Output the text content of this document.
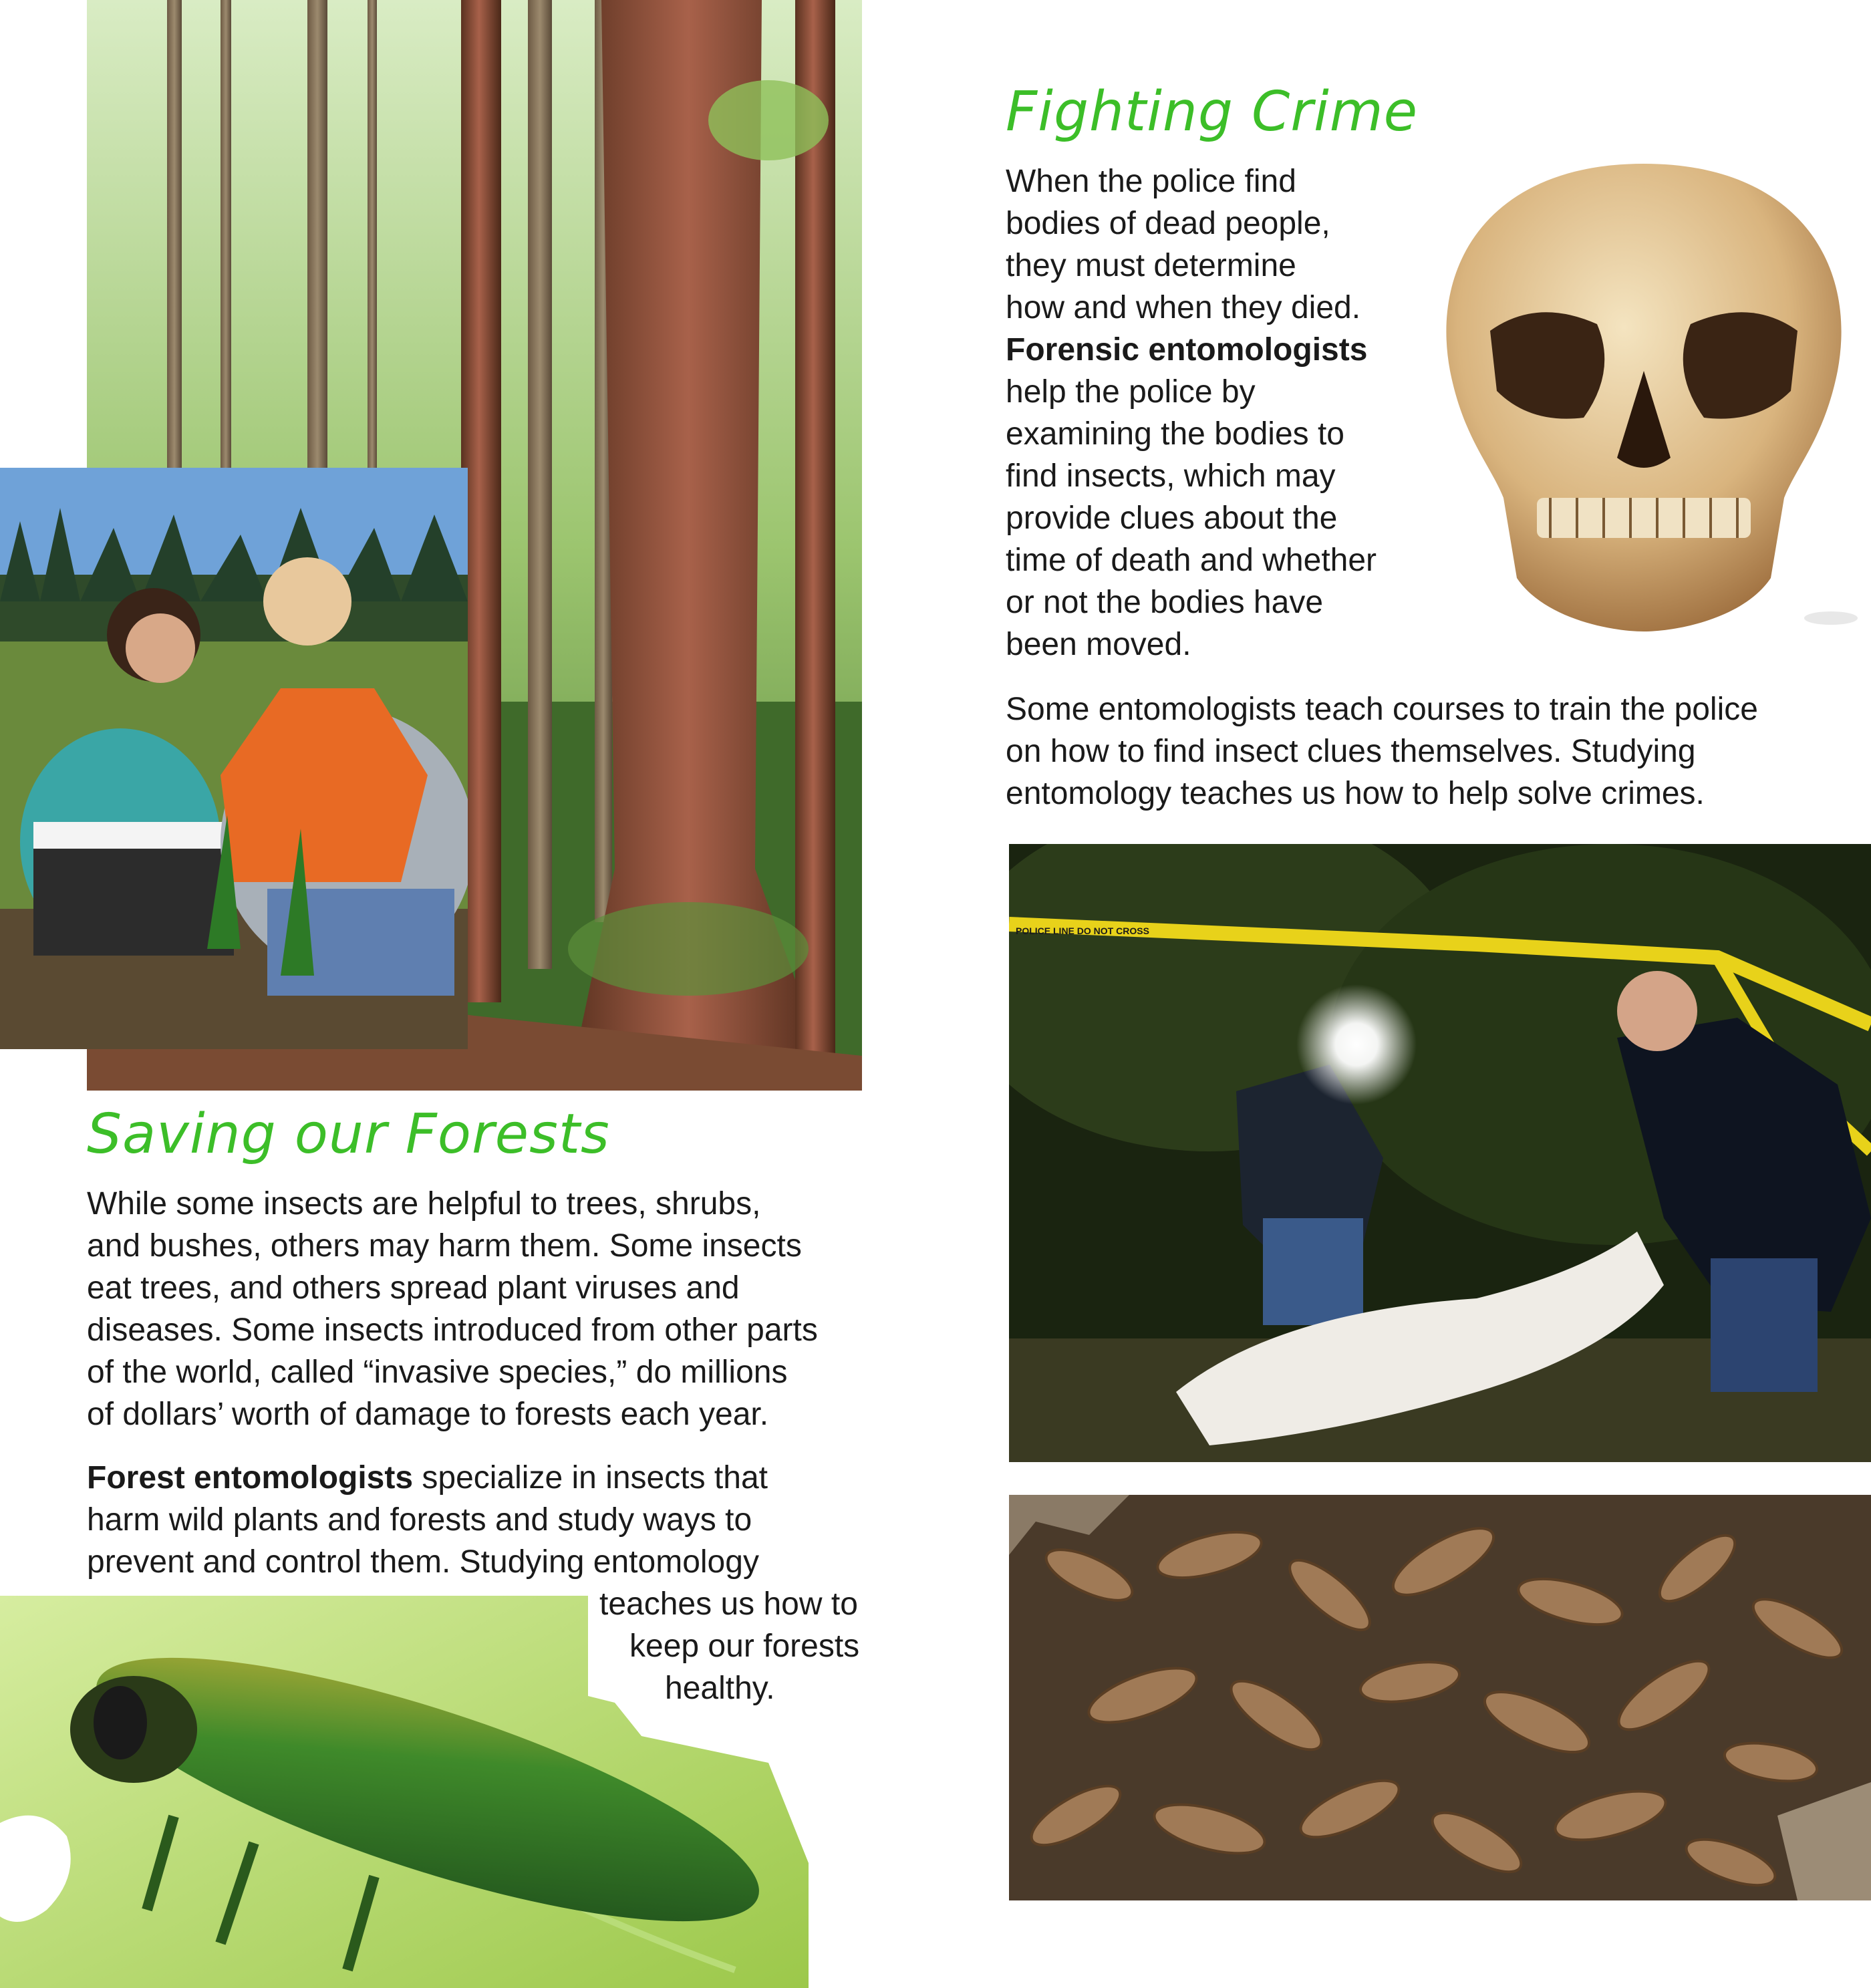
POLICE LINE DO NOT CROSS
Fighting Crime
When the police find
bodies of dead people,
they must determine
how and when they died.
Forensic entomologists
help the police by
examining the bodies to
find insects, which may
provide clues about the
time of death and whether
or not the bodies have
been moved.
Some entomologists teach courses to train the police
on how to find insect clues themselves. Studying
entomology teaches us how to help solve crimes.
Saving our Forests
While some insects are helpful to trees, shrubs,
and bushes, others may harm them. Some insects
eat trees, and others spread plant viruses and
diseases. Some insects introduced from other parts
of the world, called “invasive species,” do millions
of dollars’ worth of damage to forests each year.
Forest entomologists specialize in insects that
harm wild plants and forests and study ways to
prevent and control them. Studying entomology
teaches us how to
keep our forests
healthy.
